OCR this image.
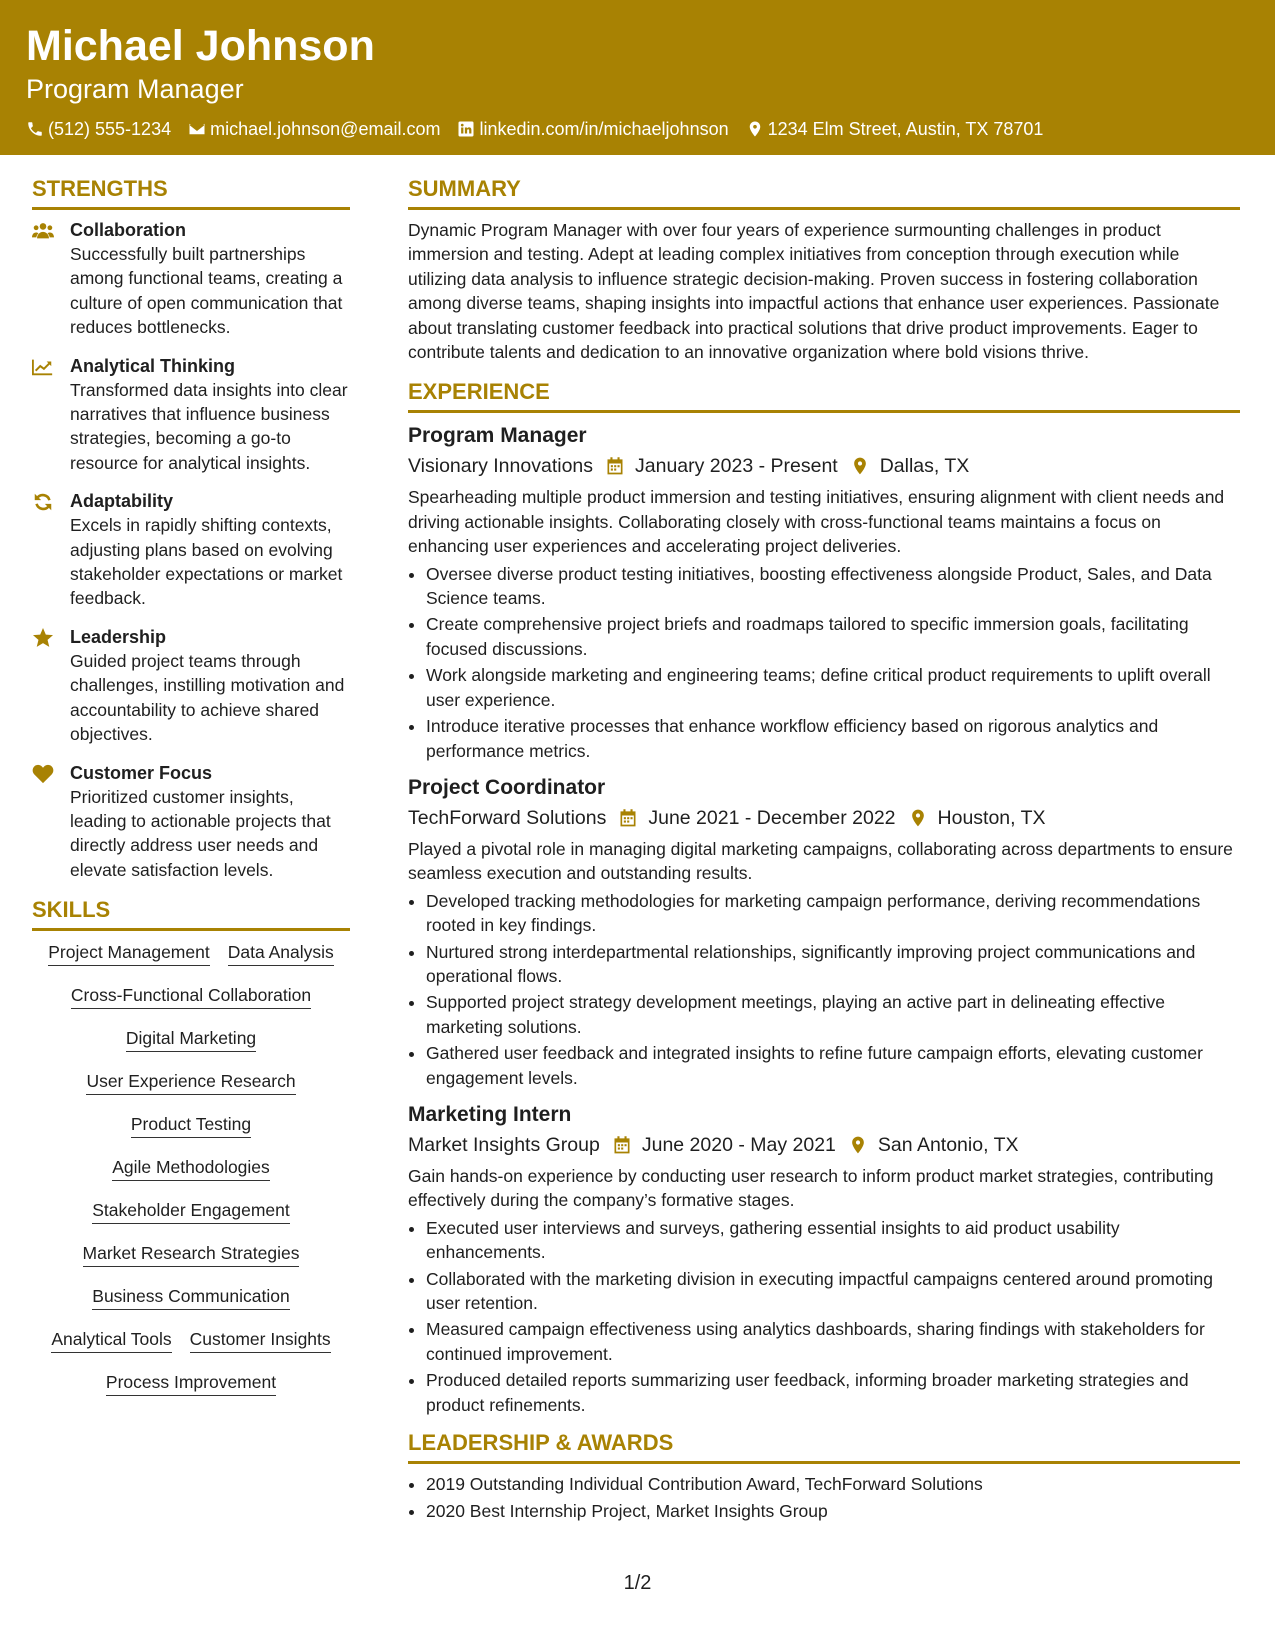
Michael Johnson
Program Manager
(512) 555-1234 michael.johnson@email.com linkedin.com/in/michaeljohnson 1234 Elm Street, Austin, TX 78701
STRENGTHS
Collaboration
Successfully built partnerships among functional teams, creating a culture of open communication that reduces bottlenecks.
Analytical Thinking
Transformed data insights into clear narratives that influence business strategies, becoming a go-to resource for analytical insights.
Adaptability
Excels in rapidly shifting contexts, adjusting plans based on evolving stakeholder expectations or market feedback.
Leadership
Guided project teams through challenges, instilling motivation and accountability to achieve shared objectives.
Customer Focus
Prioritized customer insights, leading to actionable projects that directly address user needs and elevate satisfaction levels.
SKILLS
Project Management Data Analysis
Cross-Functional Collaboration
Digital Marketing
User Experience Research
Product Testing
Agile Methodologies
Stakeholder Engagement
Market Research Strategies
Business Communication
Analytical Tools Customer Insights
Process Improvement
SUMMARY
Dynamic Program Manager with over four years of experience surmounting challenges in product immersion and testing. Adept at leading complex initiatives from conception through execution while utilizing data analysis to influence strategic decision-making. Proven success in fostering collaboration among diverse teams, shaping insights into impactful actions that enhance user experiences. Passionate about translating customer feedback into practical solutions that drive product improvements. Eager to contribute talents and dedication to an innovative organization where bold visions thrive.
EXPERIENCE
Program Manager
Visionary Innovations January 2023 - Present Dallas, TX
Spearheading multiple product immersion and testing initiatives, ensuring alignment with client needs and driving actionable insights. Collaborating closely with cross-functional teams maintains a focus on enhancing user experiences and accelerating project deliveries.
• Oversee diverse product testing initiatives, boosting effectiveness alongside Product, Sales, and Data Science teams.
• Create comprehensive project briefs and roadmaps tailored to specific immersion goals, facilitating focused discussions.
• Work alongside marketing and engineering teams; define critical product requirements to uplift overall user experience.
• Introduce iterative processes that enhance workflow efficiency based on rigorous analytics and performance metrics.
Project Coordinator
TechForward Solutions June 2021 - December 2022 Houston, TX
Played a pivotal role in managing digital marketing campaigns, collaborating across departments to ensure seamless execution and outstanding results.
• Developed tracking methodologies for marketing campaign performance, deriving recommendations rooted in key findings.
• Nurtured strong interdepartmental relationships, significantly improving project communications and operational flows.
• Supported project strategy development meetings, playing an active part in delineating effective marketing solutions.
• Gathered user feedback and integrated insights to refine future campaign efforts, elevating customer engagement levels.
Marketing Intern
Market Insights Group June 2020 - May 2021 San Antonio, TX
Gain hands-on experience by conducting user research to inform product market strategies, contributing effectively during the company’s formative stages.
• Executed user interviews and surveys, gathering essential insights to aid product usability enhancements.
• Collaborated with the marketing division in executing impactful campaigns centered around promoting user retention.
• Measured campaign effectiveness using analytics dashboards, sharing findings with stakeholders for continued improvement.
• Produced detailed reports summarizing user feedback, informing broader marketing strategies and product refinements.
LEADERSHIP & AWARDS
• 2019 Outstanding Individual Contribution Award, TechForward Solutions
• 2020 Best Internship Project, Market Insights Group
1/2
